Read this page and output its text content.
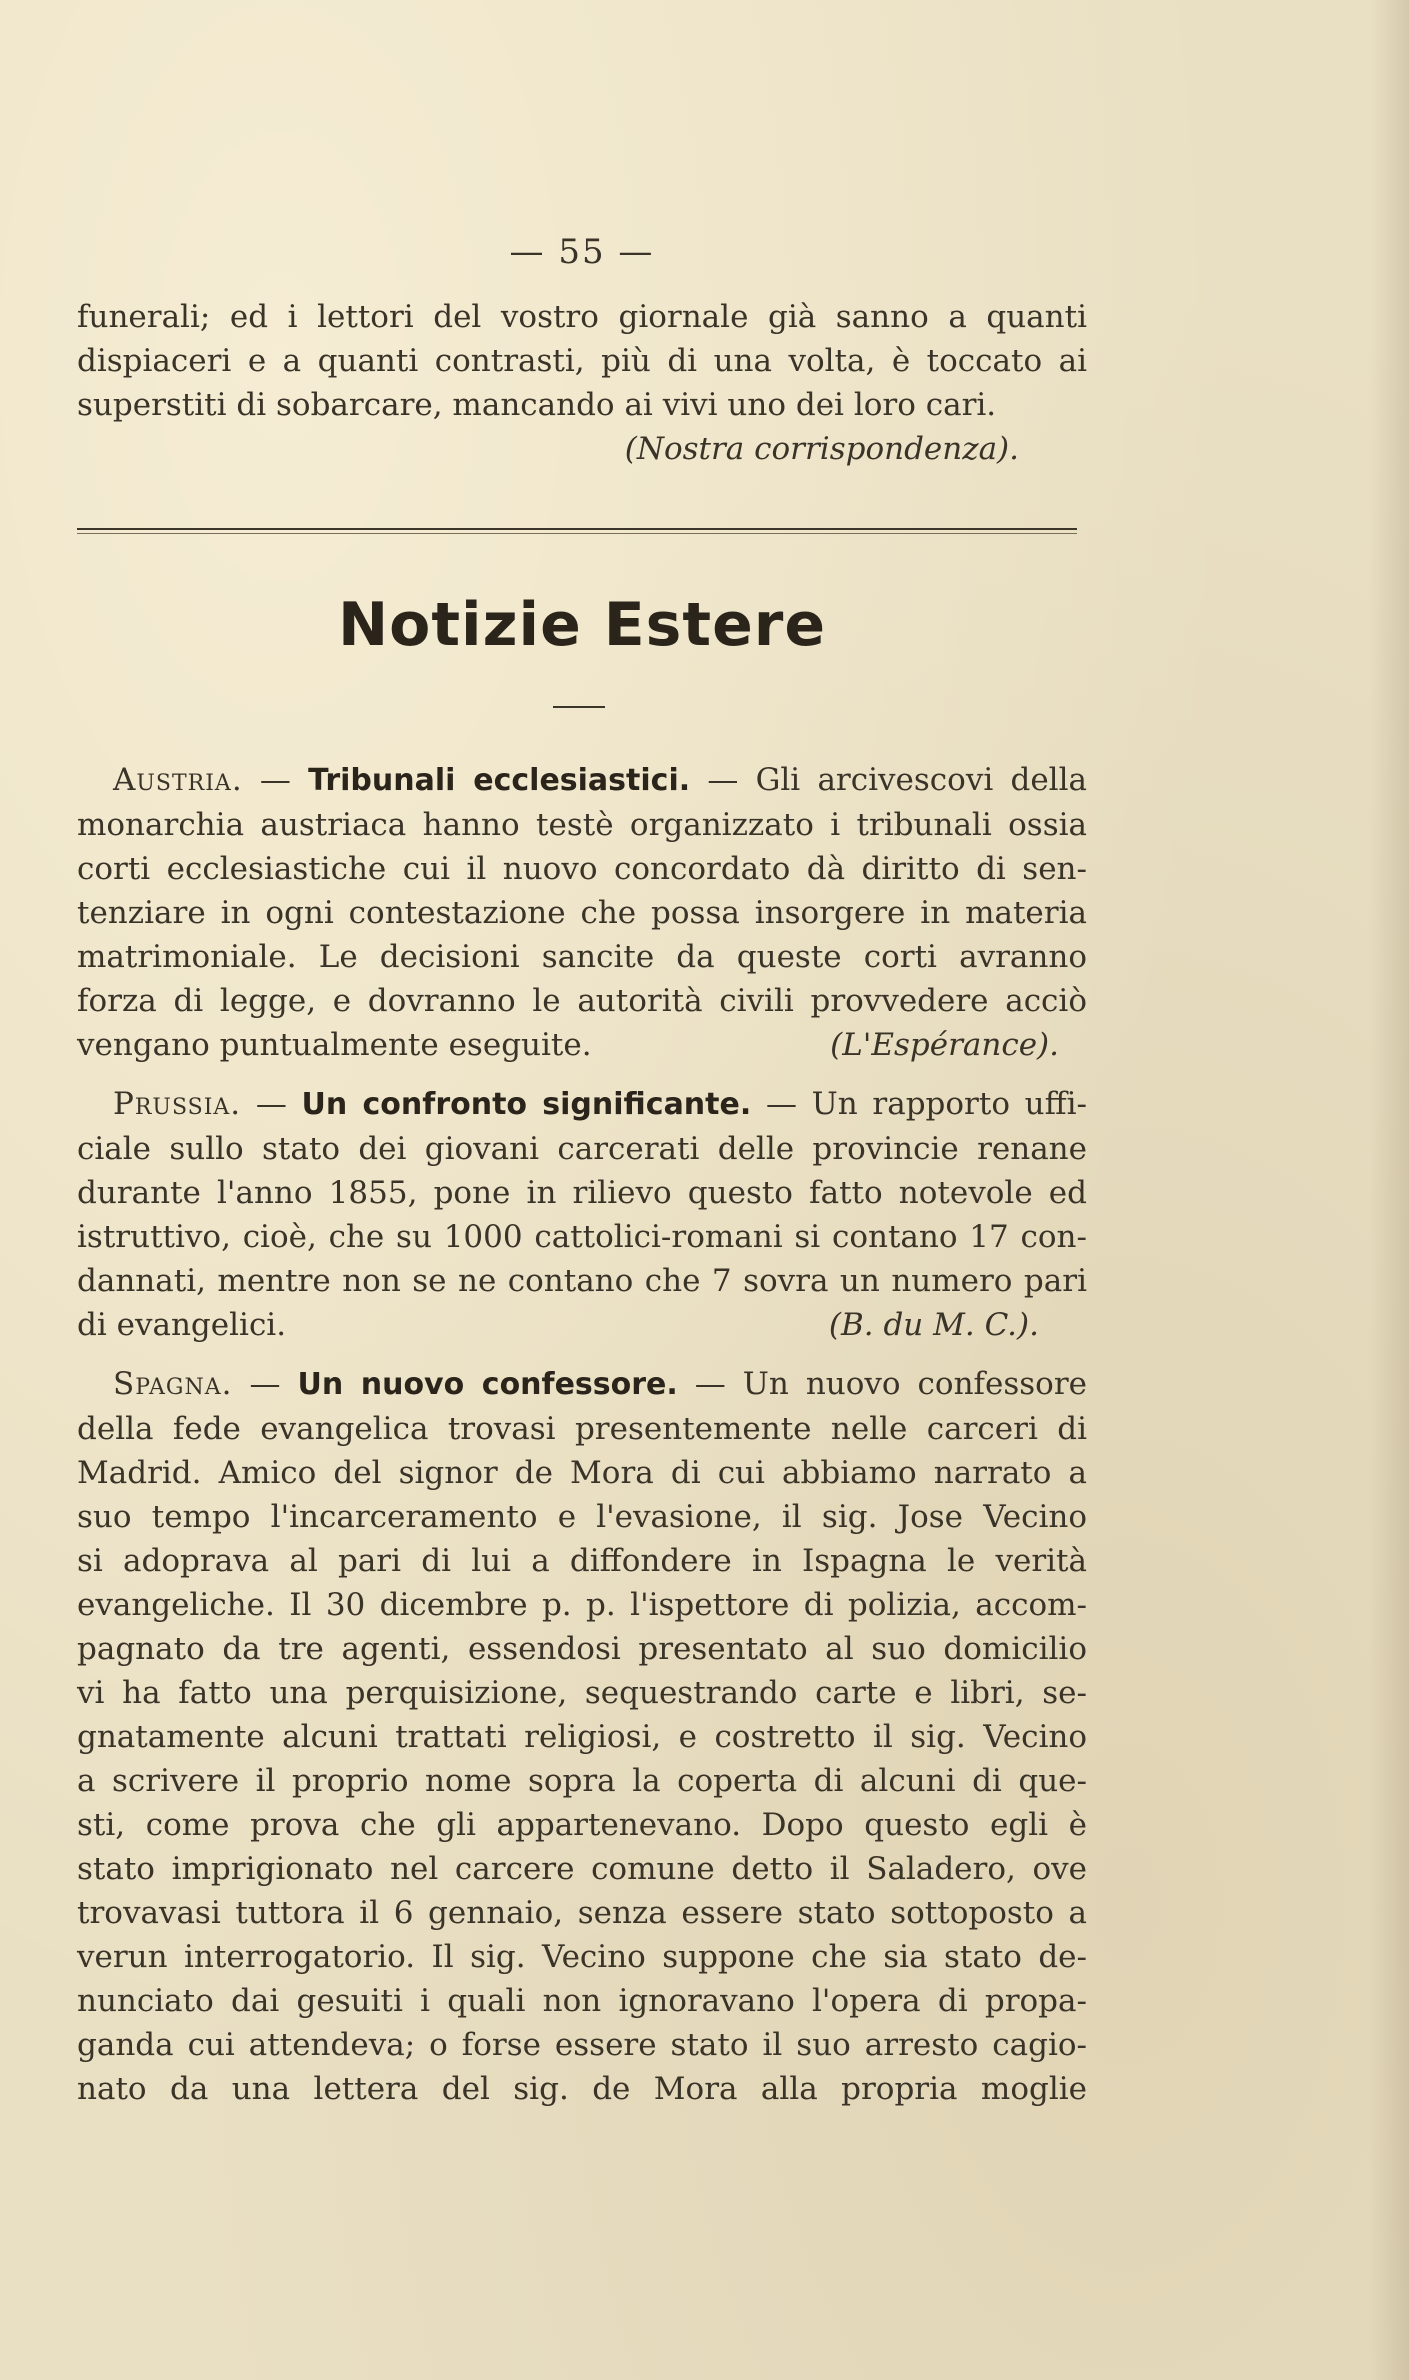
— 55 —
funerali; ed i lettori del vostro giornale già sanno a quanti
dispiaceri e a quanti contrasti, più di una volta, è toccato ai
superstiti di sobarcare, mancando ai vivi uno dei loro cari.
(Nostra corrispondenza).
Notizie Estere
Austria. — Tribunali ecclesiastici. — Gli arcivescovi della
monarchia austriaca hanno testè organizzato i tribunali ossia
corti ecclesiastiche cui il nuovo concordato dà diritto di sen-
tenziare in ogni contestazione che possa insorgere in materia
matrimoniale. Le decisioni sancite da queste corti avranno
forza di legge, e dovranno le autorità civili provvedere acciò
vengano puntualmente eseguite.	(L'Espérance).
Prussia. — Un confronto significante. — Un rapporto uffi-
ciale sullo stato dei giovani carcerati delle provincie renane
durante l'anno 1855, pone in rilievo questo fatto notevole ed
istruttivo, cioè, che su 1000 cattolici-romani si contano 17 con-
dannati, mentre non se ne contano che 7 sovra un numero pari
di evangelici.	(B. du M. C.).
Spagna. — Un nuovo confessore. — Un nuovo confessore
della fede evangelica trovasi presentemente nelle carceri di
Madrid. Amico del signor de Mora di cui abbiamo narrato a
suo tempo l'incarceramento e l'evasione, il sig. Jose Vecino
si adoprava al pari di lui a diffondere in Ispagna le verità
evangeliche. Il 30 dicembre p. p. l'ispettore di polizia, accom-
pagnato da tre agenti, essendosi presentato al suo domicilio
vi ha fatto una perquisizione, sequestrando carte e libri, se-
gnatamente alcuni trattati religiosi, e costretto il sig. Vecino
a scrivere il proprio nome sopra la coperta di alcuni di que-
sti, come prova che gli appartenevano. Dopo questo egli è
stato imprigionato nel carcere comune detto il Saladero, ove
trovavasi tuttora il 6 gennaio, senza essere stato sottoposto a
verun interrogatorio. Il sig. Vecino suppone che sia stato de-
nunciato dai gesuiti i quali non ignoravano l'opera di propa-
ganda cui attendeva; o forse essere stato il suo arresto cagio-
nato da una lettera del sig. de Mora alla propria moglie
